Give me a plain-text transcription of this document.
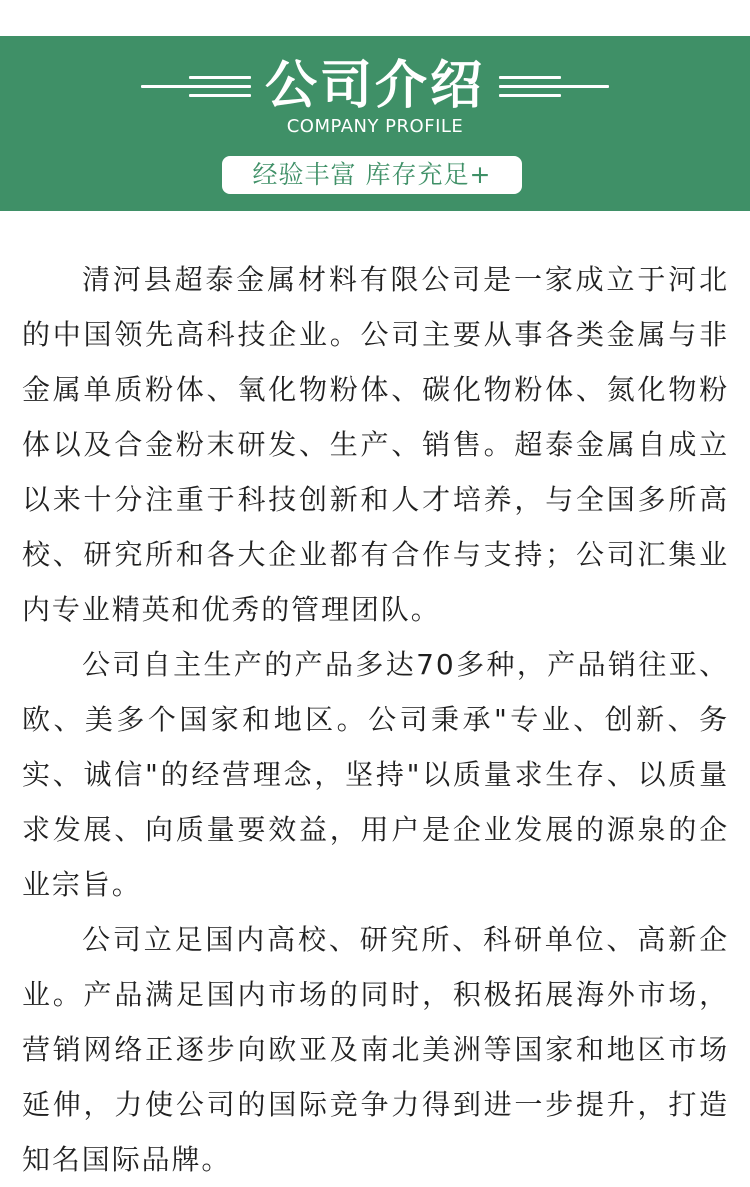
公司介绍
COMPANY PROFILE
经验丰富 库存充足+

清河县超泰金属材料有限公司是一家成立于河北的中国领先高科技企业。公司主要从事各类金属与非金属单质粉体、氧化物粉体、碳化物粉体、氮化物粉体以及合金粉末研发、生产、销售。超泰金属自成立以来十分注重于科技创新和人才培养，与全国多所高校、研究所和各大企业都有合作与支持；公司汇集业内专业精英和优秀的管理团队。

公司自主生产的产品多达70多种，产品销往亚、欧、美多个国家和地区。公司秉承"专业、创新、务实、诚信"的经营理念，坚持"以质量求生存、以质量求发展、向质量要效益，用户是企业发展的源泉的企业宗旨。

公司立足国内高校、研究所、科研单位、高新企业。产品满足国内市场的同时，积极拓展海外市场，营销网络正逐步向欧亚及南北美洲等国家和地区市场延伸，力使公司的国际竞争力得到进一步提升，打造知名国际品牌。
